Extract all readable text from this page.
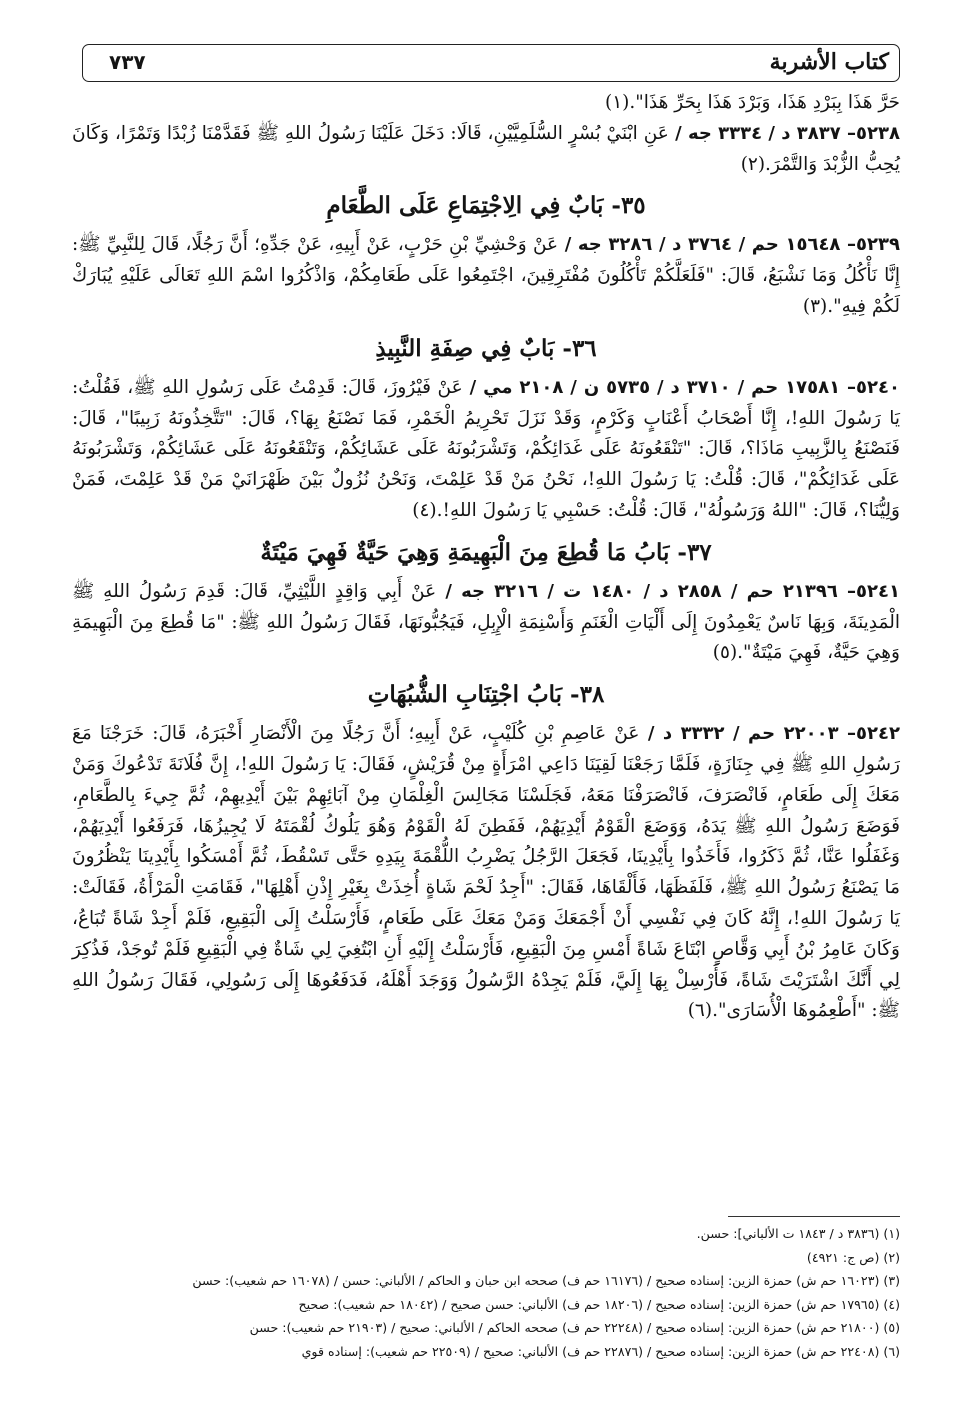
كتاب الأشربة
٧٣٧

حَرَّ هَذَا بِبَرْدِ هَذَا، وَبَرْدَ هَذَا بِحَرِّ هَذَا".(١)

٥٢٣٨– ٣٨٣٧ د / ٣٣٣٤ جه / عَنِ ابْنَيْ بُسْرٍ السُّلَمِيَّيْنِ، قَالَا: دَخَلَ عَلَيْنَا رَسُولُ اللهِ ﷺ فَقَدَّمْنَا زُبْدًا وَتَمْرًا، وَكَانَ يُحِبُّ الزُّبْدَ وَالتَّمْرَ.(٢)

٣٥- بَابٌ فِي الِاجْتِمَاعِ عَلَى الطَّعَامِ

٥٢٣٩– ١٥٦٤٨ حم / ٣٧٦٤ د / ٣٢٨٦ جه / عَنْ وَحْشِيِّ بْنِ حَرْبٍ، عَنْ أَبِيهِ، عَنْ جَدِّهِ؛ أَنَّ رَجُلًا، قَالَ لِلنَّبِيِّ ﷺ: إِنَّا نَأْكُلُ وَمَا نَشْبَعُ، قَالَ: "فَلَعَلَّكُمْ تَأْكُلُونَ مُفْتَرِقِينَ، اجْتَمِعُوا عَلَى طَعَامِكُمْ، وَاذْكُرُوا اسْمَ اللهِ تَعَالَى عَلَيْهِ يُبَارَكْ لَكُمْ فِيهِ".(٣)

٣٦- بَابٌ فِي صِفَةِ النَّبِيذِ

٥٢٤٠– ١٧٥٨١ حم / ٣٧١٠ د / ٥٧٣٥ ن / ٢١٠٨ مي / عَنْ فَيْرُوزَ، قَالَ: قَدِمْتُ عَلَى رَسُولِ اللهِ ﷺ، فَقُلْتُ: يَا رَسُولَ اللهِ!، إِنَّا أَصْحَابُ أَعْنَابٍ وَكَرْمٍ، وَقَدْ نَزَلَ تَحْرِيمُ الْخَمْرِ، فَمَا نَصْنَعُ بِهَا؟، قَالَ: "تَتَّخِذُونَهُ زَبِيبًا"، قَالَ: فَنَصْنَعُ بِالزَّبِيبِ مَاذَا؟، قَالَ: "تَنْقَعُونَهُ عَلَى غَدَائِكُمْ، وَتَشْرَبُونَهُ عَلَى عَشَائِكُمْ، وَتَنْقَعُونَهُ عَلَى عَشَائِكُمْ، وَتَشْرَبُونَهُ عَلَى غَدَائِكُمْ"، قَالَ: قُلْتُ: يَا رَسُولَ اللهِ!، نَحْنُ مَنْ قَدْ عَلِمْتَ، وَنَحْنُ نُزُولٌ بَيْنَ ظَهْرَانَيْ مَنْ قَدْ عَلِمْتَ، فَمَنْ وَلِيُّنَا؟، قَالَ: "اللهُ وَرَسُولُهُ"، قَالَ: قُلْتُ: حَسْبِي يَا رَسُولَ اللهِ!.(٤)

٣٧- بَابُ مَا قُطِعَ مِنَ الْبَهِيمَةِ وَهِيَ حَيَّةٌ فَهِيَ مَيْتَةٌ

٥٢٤١– ٢١٣٩٦ حم / ٢٨٥٨ د / ١٤٨٠ ت / ٣٢١٦ جه / عَنْ أَبِي وَاقِدٍ اللَّيْثِيِّ، قَالَ: قَدِمَ رَسُولُ اللهِ ﷺ الْمَدِينَةَ، وَبِهَا نَاسٌ يَعْمِدُونَ إِلَى أَلْيَاتِ الْغَنَمِ وَأَسْنِمَةِ الْإِبِلِ، فَيَجُبُّونَهَا، فَقَالَ رَسُولُ اللهِ ﷺ: "مَا قُطِعَ مِنَ الْبَهِيمَةِ وَهِيَ حَيَّةٌ، فَهِيَ مَيْتَةٌ".(٥)

٣٨- بَابُ اجْتِنَابِ الشُّبُهَاتِ

٥٢٤٢– ٢٢٠٠٣ حم / ٣٣٣٢ د / عَنْ عَاصِمِ بْنِ كُلَيْبٍ، عَنْ أَبِيهِ؛ أَنَّ رَجُلًا مِنَ الْأَنْصَارِ أَخْبَرَهُ، قَالَ: خَرَجْنَا مَعَ رَسُولِ اللهِ ﷺ فِي جِنَازَةٍ، فَلَمَّا رَجَعْنَا لَقِيَنَا دَاعِي امْرَأَةٍ مِنْ قُرَيْشٍ، فَقَالَ: يَا رَسُولَ اللهِ!، إِنَّ فُلَانَةَ تَدْعُوكَ وَمَنْ مَعَكَ إِلَى طَعَامٍ، فَانْصَرَفَ، فَانْصَرَفْنَا مَعَهُ، فَجَلَسْنَا مَجَالِسَ الْغِلْمَانِ مِنْ آبَائِهِمْ بَيْنَ أَيْدِيهِمْ، ثُمَّ جِيءَ بِالطَّعَامِ، فَوَضَعَ رَسُولُ اللهِ ﷺ يَدَهُ، وَوَضَعَ الْقَوْمُ أَيْدِيَهُمْ، فَفَطِنَ لَهُ الْقَوْمُ وَهُوَ يَلُوكُ لُقْمَتَهُ لَا يُجِيزُهَا، فَرَفَعُوا أَيْدِيَهُمْ، وَغَفَلُوا عَنَّا، ثُمَّ ذَكَرُوا، فَأَخَذُوا بِأَيْدِينَا، فَجَعَلَ الرَّجُلُ يَضْرِبُ اللُّقْمَةَ بِيَدِهِ حَتَّى تَسْقُطَ، ثُمَّ أَمْسَكُوا بِأَيْدِينَا يَنْظُرُونَ مَا يَصْنَعُ رَسُولُ اللهِ ﷺ، فَلَفَظَهَا، فَأَلْقَاهَا، فَقَالَ: "أَجِدُ لَحْمَ شَاةٍ أُخِذَتْ بِغَيْرِ إِذْنِ أَهْلِهَا"، فَقَامَتِ الْمَرْأَةُ، فَقَالَتْ: يَا رَسُولَ اللهِ!، إِنَّهُ كَانَ فِي نَفْسِي أَنْ أَجْمَعَكَ وَمَنْ مَعَكَ عَلَى طَعَامٍ، فَأَرْسَلْتُ إِلَى الْبَقِيعِ، فَلَمْ أَجِدْ شَاةً تُبَاعُ، وَكَانَ عَامِرُ بْنُ أَبِي وَقَّاصٍ ابْتَاعَ شَاةً أَمْسِ مِنَ الْبَقِيعِ، فَأَرْسَلْتُ إِلَيْهِ أَنِ ابْتُغِيَ لِي شَاةٌ فِي الْبَقِيعِ فَلَمْ تُوجَدْ، فَذُكِرَ لِي أَنَّكَ اشْتَرَيْتَ شَاةً، فَأَرْسِلْ بِهَا إِلَيَّ، فَلَمْ يَجِدْهُ الرَّسُولُ وَوَجَدَ أَهْلَهُ، فَدَفَعُوهَا إِلَى رَسُولِي، فَقَالَ رَسُولُ اللهِ ﷺ: "أَطْعِمُوهَا الْأُسَارَى".(٦)

(١) (٣٨٣٦ د / ١٨٤٣ ت الألباني]: حسن.
(٢) (ص ج: ٤٩٢١)
(٣) (١٦٠٢٣ حم ش) حمزة الزين: إسناده صحيح / (١٦١٧٦ حم ف) صححه ابن حبان و الحاكم / الألباني: حسن / (١٦٠٧٨ حم شعيب): حسن
(٤) (١٧٩٦٥ حم ش) حمزة الزين: إسناده صحيح / (١٨٢٠٦ حم ف) الألباني: حسن صحيح / (١٨٠٤٢ حم شعيب): صحيح
(٥) (٢١٨٠٠ حم ش) حمزة الزين: إسناده صحيح / (٢٢٢٤٨ حم ف) صححه الحاكم / الألباني: صحيح / (٢١٩٠٣ حم شعيب): حسن
(٦) (٢٢٤٠٨ حم ش) حمزة الزين: إسناده صحيح / (٢٢٨٧٦ حم ف) الألباني: صحيح / (٢٢٥٠٩ حم شعيب): إسناده قوي
